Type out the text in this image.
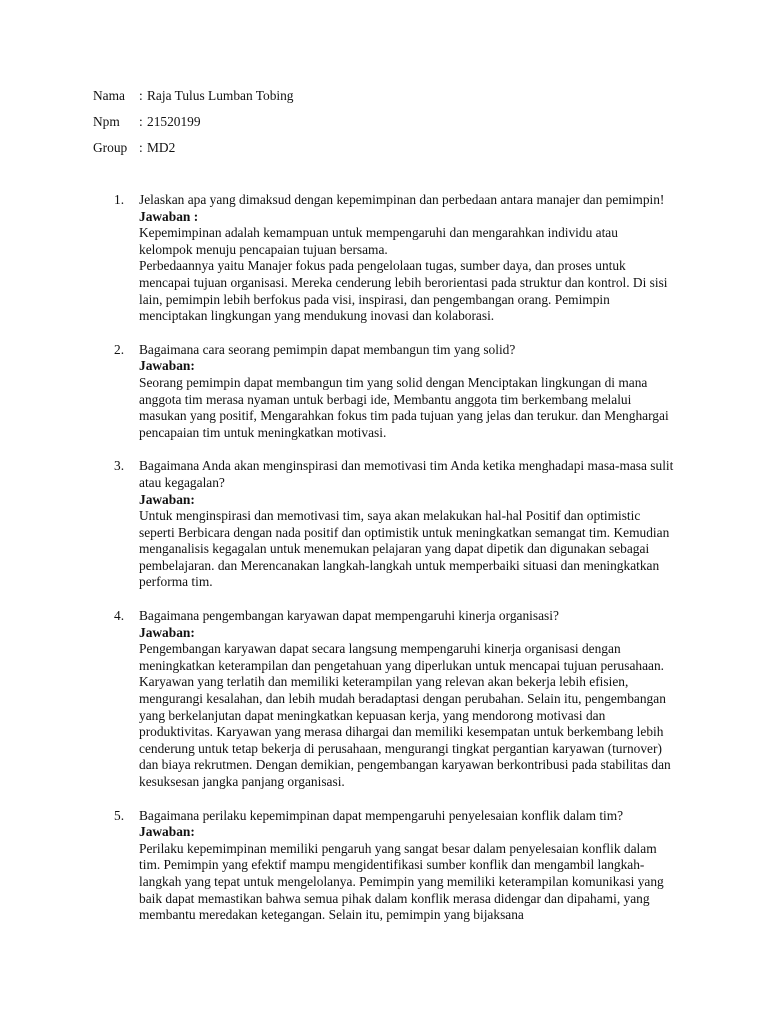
Nama	: Raja Tulus Lumban Tobing
Npm	: 21520199
Group : MD2
1.	Jelaskan apa yang dimaksud dengan kepemimpinan dan perbedaan antara manajer dan pemimpin!
Jawaban :
Kepemimpinan adalah kemampuan untuk mempengaruhi dan mengarahkan individu atau kelompok menuju pencapaian tujuan bersama.
Perbedaannya yaitu Manajer fokus pada pengelolaan tugas, sumber daya, dan proses untuk mencapai tujuan organisasi. Mereka cenderung lebih berorientasi pada struktur dan kontrol. Di sisi lain, pemimpin lebih berfokus pada visi, inspirasi, dan pengembangan orang. Pemimpin menciptakan lingkungan yang mendukung inovasi dan kolaborasi.
2.	Bagaimana cara seorang pemimpin dapat membangun tim yang solid?
Jawaban:
Seorang pemimpin dapat membangun tim yang solid dengan Menciptakan lingkungan di mana anggota tim merasa nyaman untuk berbagi ide, Membantu anggota tim berkembang melalui masukan yang positif, Mengarahkan fokus tim pada tujuan yang jelas dan terukur. dan Menghargai pencapaian tim untuk meningkatkan motivasi.
3.	Bagaimana Anda akan menginspirasi dan memotivasi tim Anda ketika menghadapi masa-masa sulit atau kegagalan?
Jawaban:
Untuk menginspirasi dan memotivasi tim, saya akan melakukan hal-hal Positif dan optimistic seperti Berbicara dengan nada positif dan optimistik untuk meningkatkan semangat tim. Kemudian menganalisis kegagalan untuk menemukan pelajaran yang dapat dipetik dan digunakan sebagai pembelajaran. dan Merencanakan langkah-langkah untuk memperbaiki situasi dan meningkatkan performa tim.
4.	Bagaimana pengembangan karyawan dapat mempengaruhi kinerja organisasi?
Jawaban:
Pengembangan karyawan dapat secara langsung mempengaruhi kinerja organisasi dengan meningkatkan keterampilan dan pengetahuan yang diperlukan untuk mencapai tujuan perusahaan. Karyawan yang terlatih dan memiliki keterampilan yang relevan akan bekerja lebih efisien, mengurangi kesalahan, dan lebih mudah beradaptasi dengan perubahan. Selain itu, pengembangan yang berkelanjutan dapat meningkatkan kepuasan kerja, yang mendorong motivasi dan produktivitas. Karyawan yang merasa dihargai dan memiliki kesempatan untuk berkembang lebih cenderung untuk tetap bekerja di perusahaan, mengurangi tingkat pergantian karyawan (turnover) dan biaya rekrutmen. Dengan demikian, pengembangan karyawan berkontribusi pada stabilitas dan kesuksesan jangka panjang organisasi.
5.	Bagaimana perilaku kepemimpinan dapat mempengaruhi penyelesaian konflik dalam tim?
Jawaban:
Perilaku kepemimpinan memiliki pengaruh yang sangat besar dalam penyelesaian konflik dalam tim. Pemimpin yang efektif mampu mengidentifikasi sumber konflik dan mengambil langkah-langkah yang tepat untuk mengelolanya. Pemimpin yang memiliki keterampilan komunikasi yang baik dapat memastikan bahwa semua pihak dalam konflik merasa didengar dan dipahami, yang membantu meredakan ketegangan. Selain itu, pemimpin yang bijaksana
